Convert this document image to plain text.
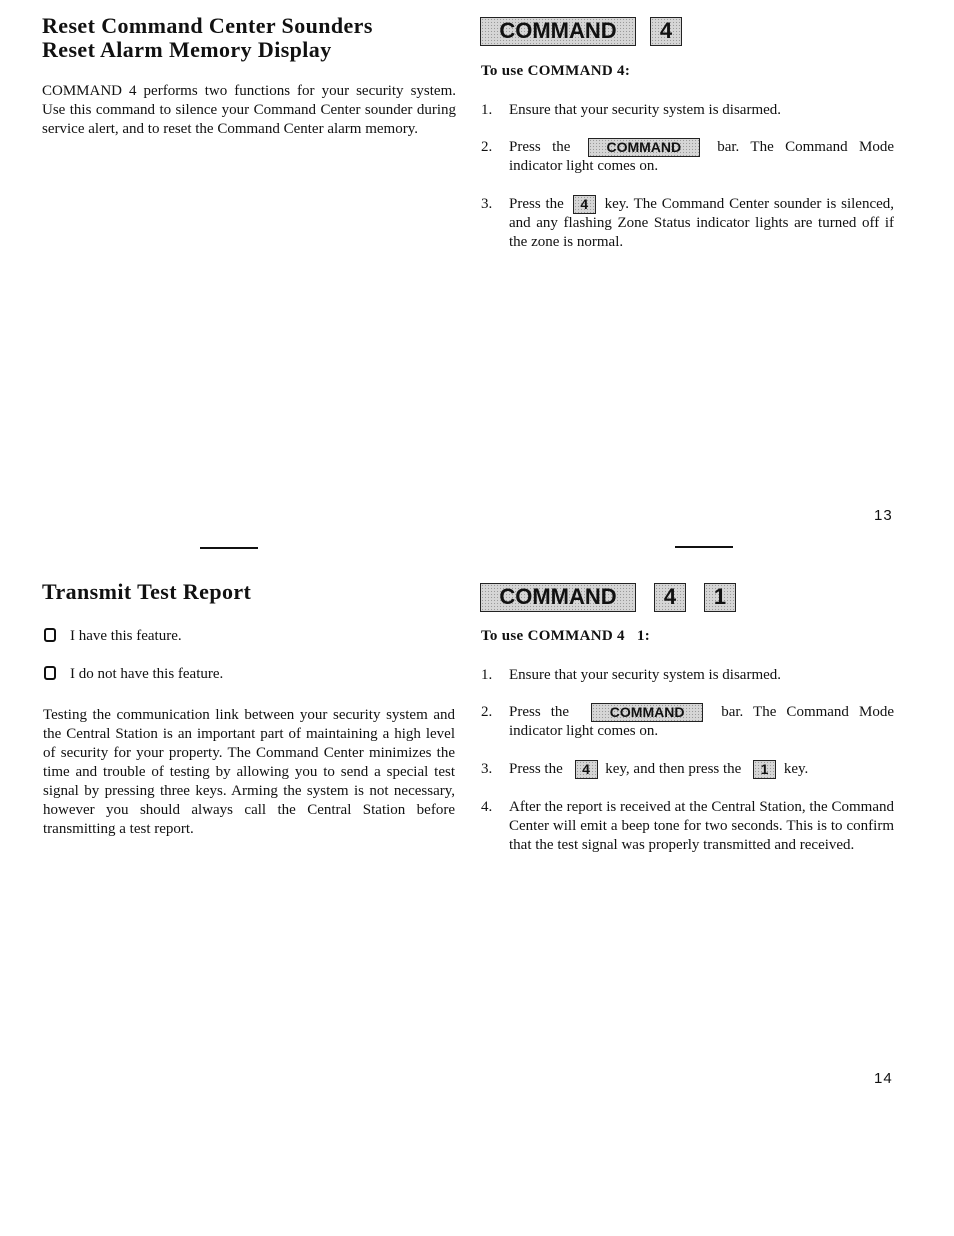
Reset Command Center Sounders
Reset Alarm Memory Display
COMMAND 4 performs two functions for your security system. Use this command to silence your Command Center sounder during service alert, and to reset the Command Center alarm memory.
COMMAND 4
To use COMMAND 4:
1.	Ensure that your security system is disarmed.
2.	Press the	COMMAND bar. The Command Mode indicator light comes on.
3.	Press the 4 key. The Command Center sounder is silenced, and any flashing Zone Status indicator lights are turned off if the zone is normal.
13
Transmit Test Report
I have this feature.
I do not have this feature.
Testing the communication link between your security system and the Central Station is an important part of maintaining a high level of security for your property. The Command Center minimizes the time and trouble of testing by allowing you to send a special test signal by pressing three keys. Arming the system is not necessary, however you should always call the Central Station before transmitting a test report.
COMMAND 4 1
To use COMMAND 4   1:
1.	Ensure that your security system is disarmed.
2.	Press the	COMMAND bar. The Command Mode indicator light comes on.
3.	Press the 4 key, and then press the 1 key.
4.	After the report is received at the Central Station, the Command Center will emit a beep tone for two seconds. This is to confirm that the test signal was properly transmitted and received.
14
